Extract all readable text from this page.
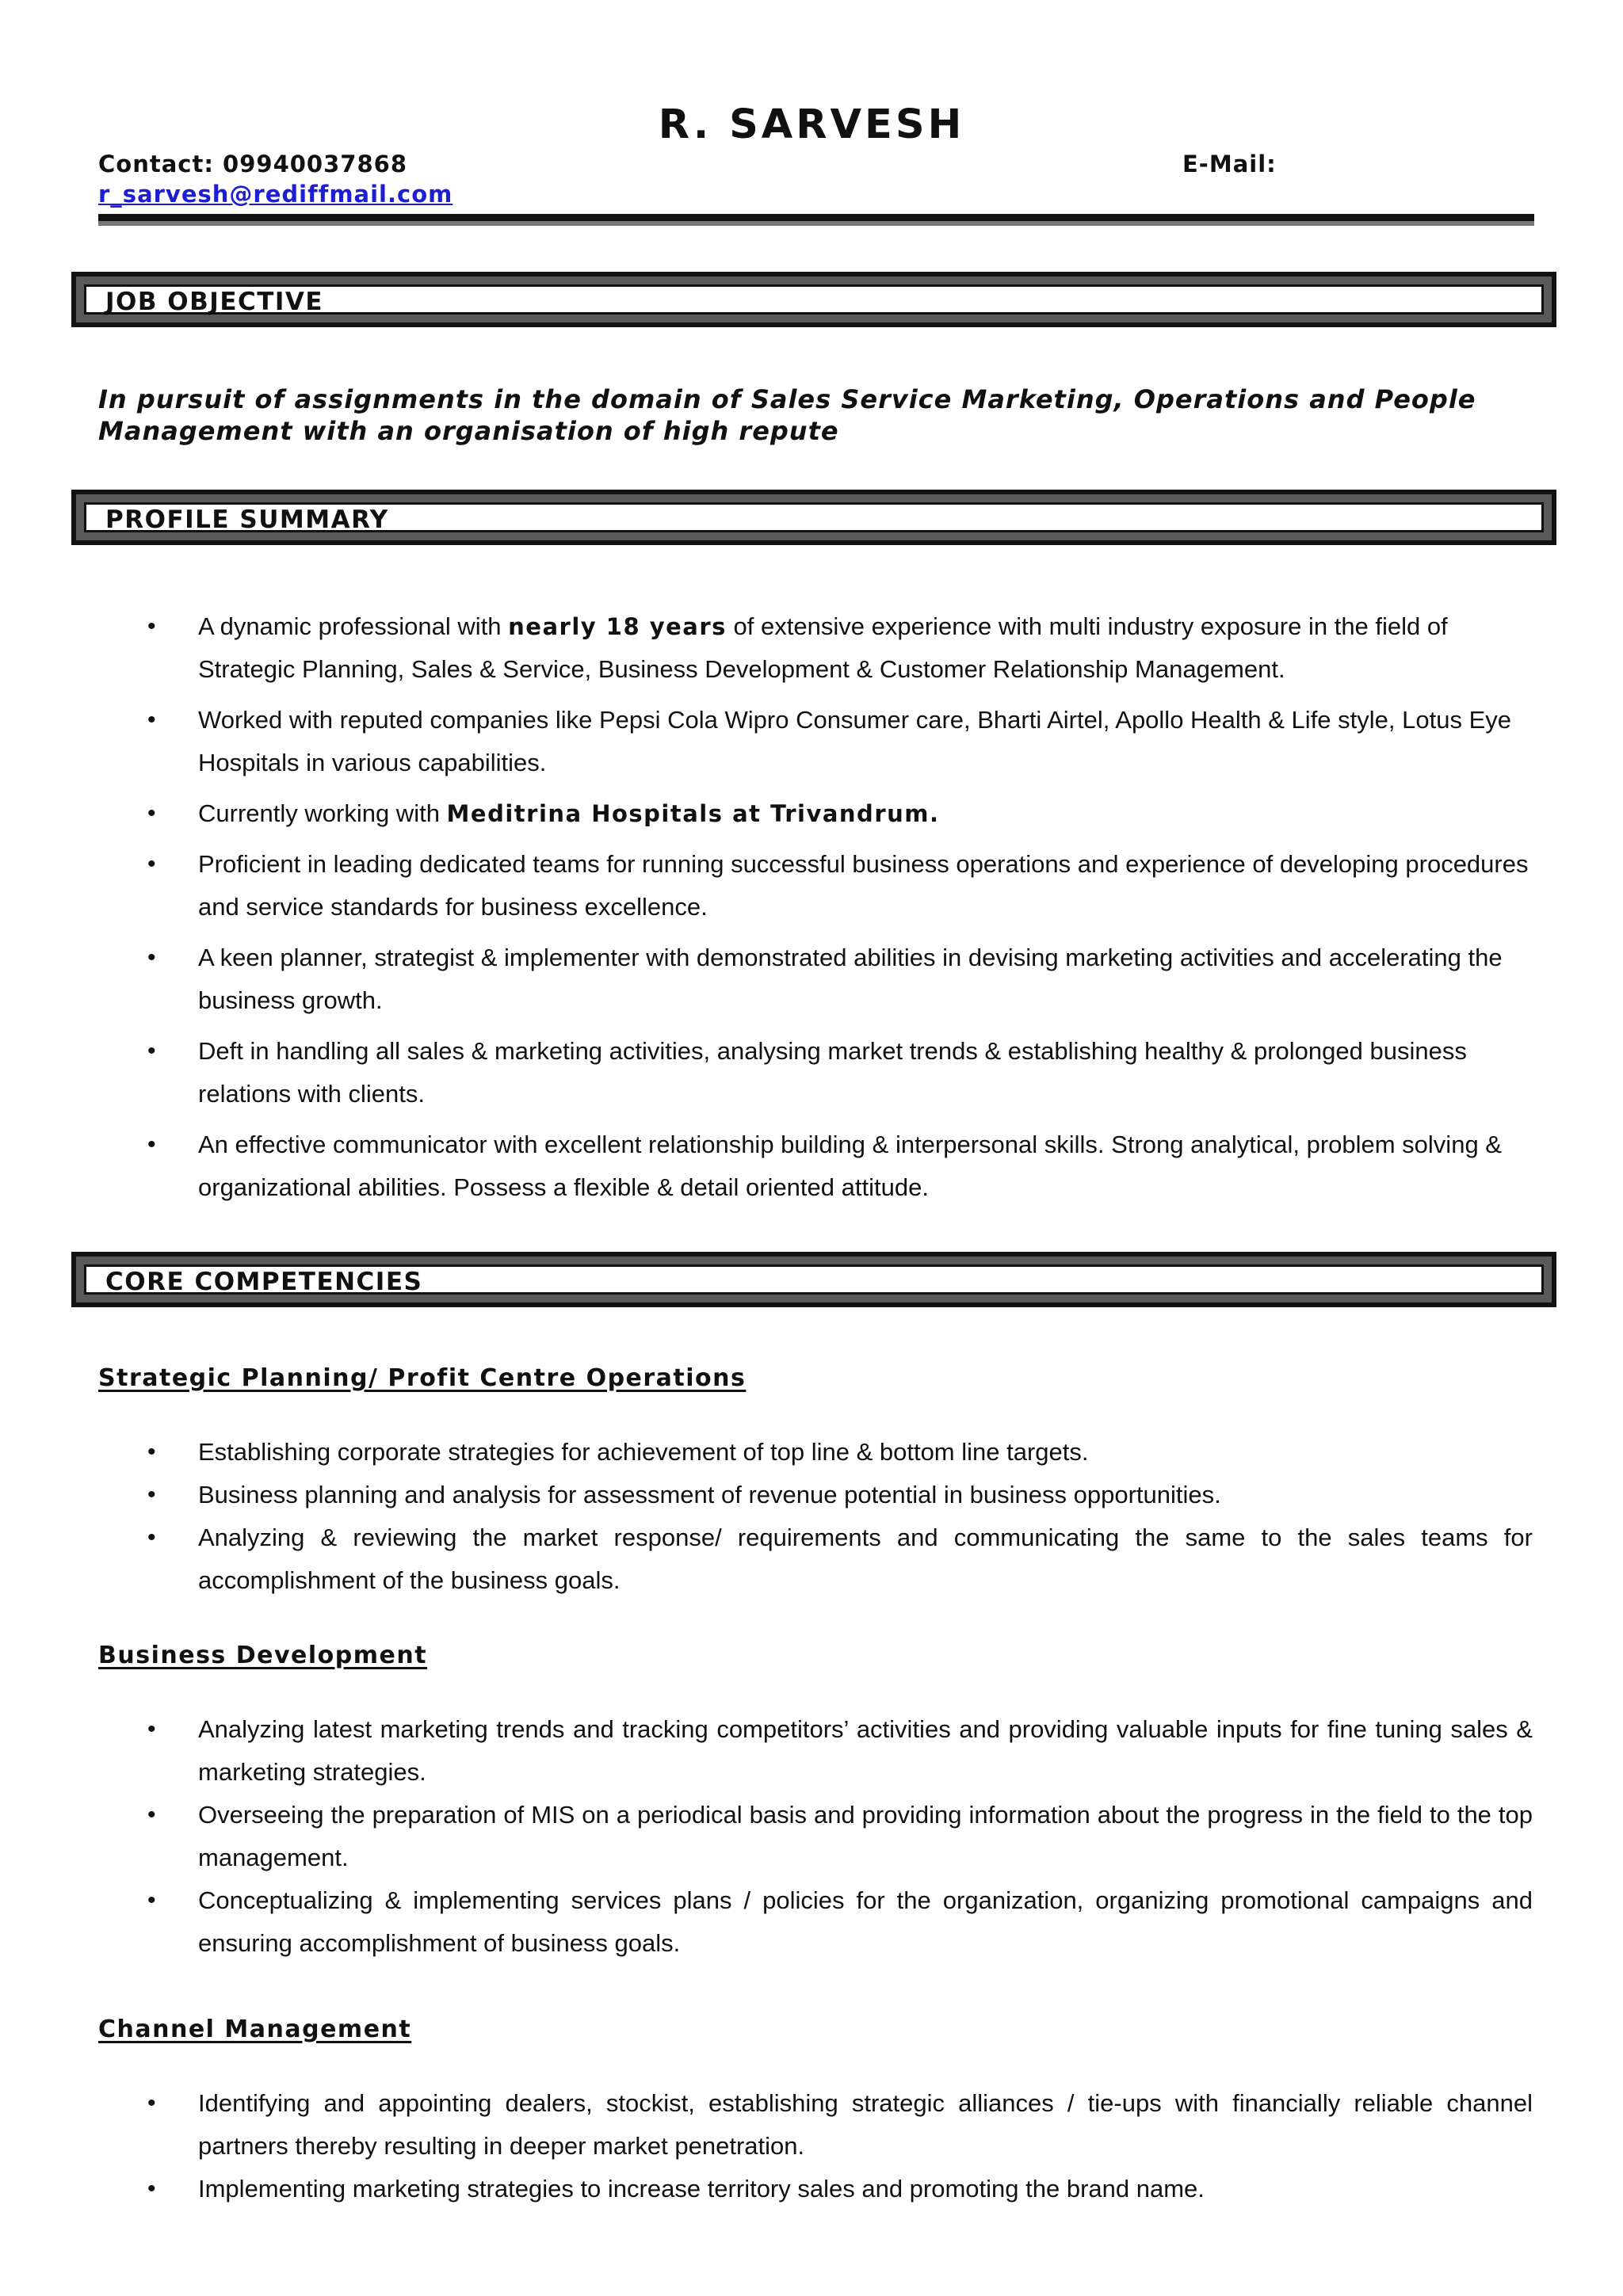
R. SARVESH
Contact: 09940037868	E-Mail:
r_sarvesh@rediffmail.com
JOB OBJECTIVE
In pursuit of assignments in the domain of Sales Service Marketing, Operations and People Management with an organisation of high repute
PROFILE SUMMARY
• A dynamic professional with nearly 18 years of extensive experience with multi industry exposure in the field of Strategic Planning, Sales & Service, Business Development & Customer Relationship Management.
• Worked with reputed companies like Pepsi Cola Wipro Consumer care, Bharti Airtel, Apollo Health & Life style, Lotus Eye Hospitals in various capabilities.
• Currently working with Meditrina Hospitals at Trivandrum.
• Proficient in leading dedicated teams for running successful business operations and experience of developing procedures and service standards for business excellence.
• A keen planner, strategist & implementer with demonstrated abilities in devising marketing activities and accelerating the business growth.
• Deft in handling all sales & marketing activities, analysing market trends & establishing healthy & prolonged business relations with clients.
• An effective communicator with excellent relationship building & interpersonal skills. Strong analytical, problem solving & organizational abilities. Possess a flexible & detail oriented attitude.
CORE COMPETENCIES
Strategic Planning/ Profit Centre Operations
• Establishing corporate strategies for achievement of top line & bottom line targets.
• Business planning and analysis for assessment of revenue potential in business opportunities.
• Analyzing & reviewing the market response/ requirements and communicating the same to the sales teams for accomplishment of the business goals.
Business Development
• Analyzing latest marketing trends and tracking competitors’ activities and providing valuable inputs for fine tuning sales & marketing strategies.
• Overseeing the preparation of MIS on a periodical basis and providing information about the progress in the field to the top management.
• Conceptualizing & implementing services plans / policies for the organization, organizing promotional campaigns and ensuring accomplishment of business goals.
Channel Management
• Identifying and appointing dealers, stockist, establishing strategic alliances / tie-ups with financially reliable channel partners thereby resulting in deeper market penetration.
• Implementing marketing strategies to increase territory sales and promoting the brand name.
